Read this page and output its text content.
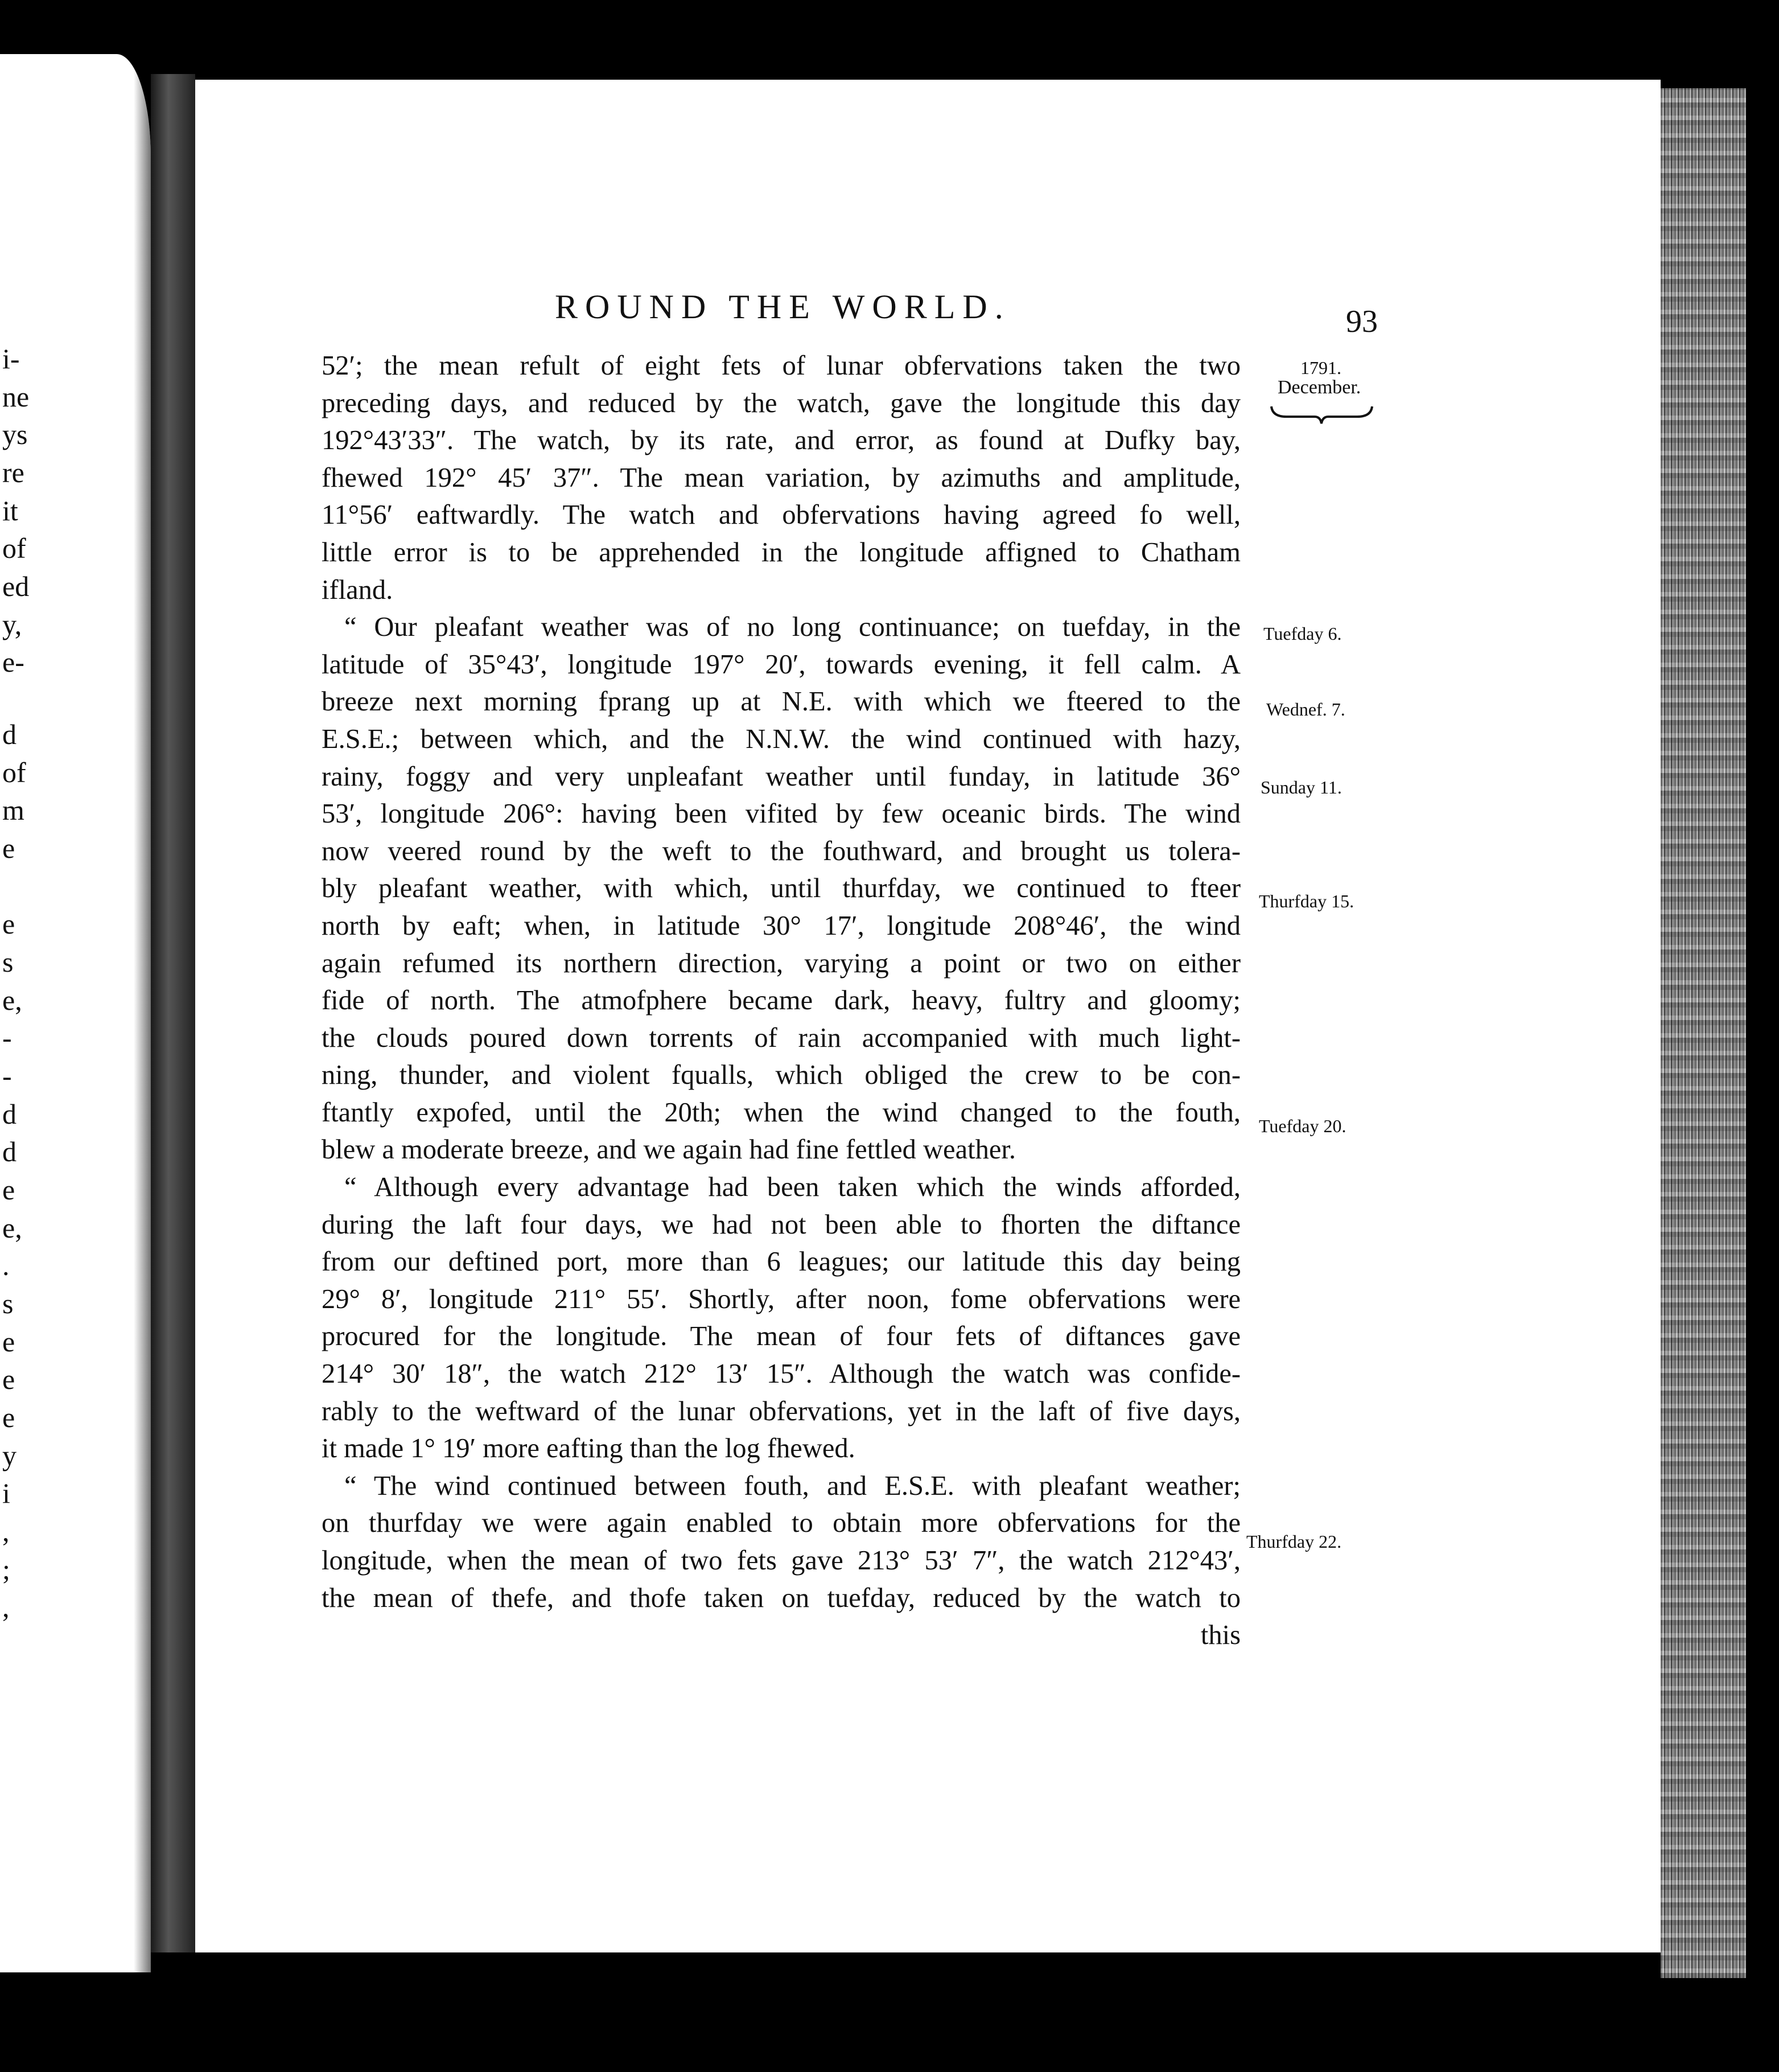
i-
ne
ys
re
it
of
ed
y,
e-
d
of
m
e
e
s
e,
-
-
d
d
e
e,
.
s
e
e
e
y
i
,
;
,
ROUND THE WORLD.	93
1791.
December.
Tuefday 6.
Wednef. 7.
Sunday 11.
Thurfday 15.
Tuefday 20.
Thurfday 22.

52′; the mean refult of eight fets of lunar obfervations taken the two

preceding days, and reduced by the watch, gave the longitude this day

192°43′33″. The watch, by its rate, and error, as found at Dufky bay,

fhewed 192° 45′ 37″. The mean variation, by azimuths and amplitude,

11°56′ eaftwardly. The watch and obfervations having agreed fo well,

little error is to be apprehended in the longitude affigned to Chatham

ifland.

“ Our pleafant weather was of no long continuance; on tuefday, in the

latitude of 35°43′, longitude 197° 20′, towards evening, it fell calm. A

breeze next morning fprang up at N.E. with which we fteered to the

E.S.E.; between which, and the N.N.W. the wind continued with hazy,

rainy, foggy and very unpleafant weather until funday, in latitude 36°

53′, longitude 206°: having been vifited by few oceanic birds. The wind

now veered round by the weft to the fouthward, and brought us tolera-

bly pleafant weather, with which, until thurfday, we continued to fteer

north by eaft; when, in latitude 30° 17′, longitude 208°46′, the wind

again refumed its northern direction, varying a point or two on either

fide of north. The atmofphere became dark, heavy, fultry and gloomy;

the clouds poured down torrents of rain accompanied with much light-

ning, thunder, and violent fqualls, which obliged the crew to be con-

ftantly expofed, until the 20th; when the wind changed to the fouth,

blew a moderate breeze, and we again had fine fettled weather.

“ Although every advantage had been taken which the winds afforded,

during the laft four days, we had not been able to fhorten the diftance

from our deftined port, more than 6 leagues; our latitude this day being

29° 8′, longitude 211° 55′. Shortly, after noon, fome obfervations were

procured for the longitude. The mean of four fets of diftances gave

214° 30′ 18″, the watch 212° 13′ 15″. Although the watch was confide-

rably to the weftward of the lunar obfervations, yet in the laft of five days,

it made 1° 19′ more eafting than the log fhewed.

“ The wind continued between fouth, and E.S.E. with pleafant weather;

on thurfday we were again enabled to obtain more obfervations for the

longitude, when the mean of two fets gave 213° 53′ 7″, the watch 212°43′,

the mean of thefe, and thofe taken on tuefday, reduced by the watch to

this
